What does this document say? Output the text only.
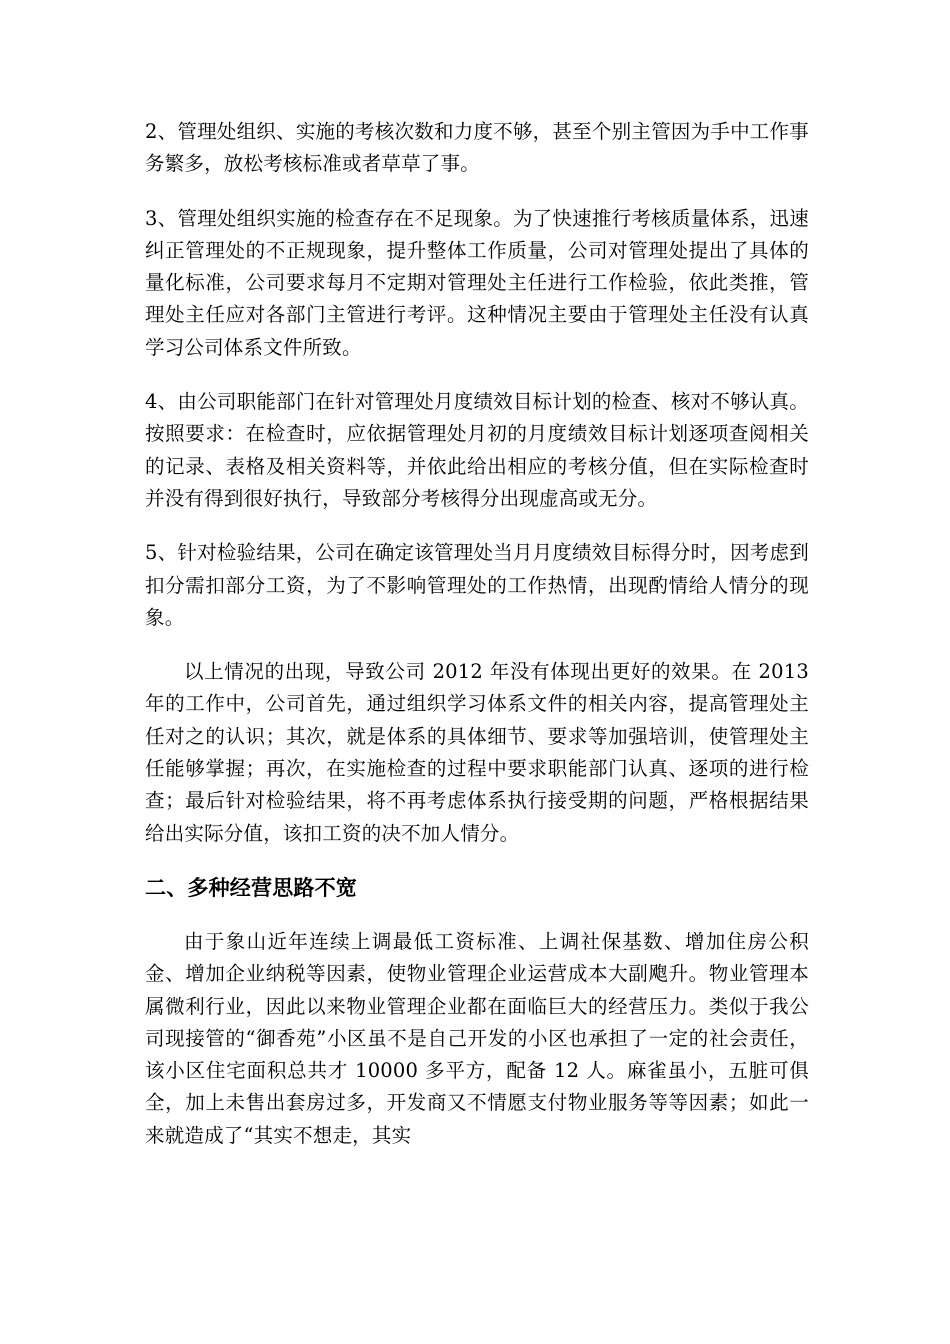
2、管理处组织、实施的考核次数和力度不够，甚至个别主管因为手中工作事务繁多，放松考核标准或者草草了事。

3、管理处组织实施的检查存在不足现象。为了快速推行考核质量体系，迅速纠正管理处的不正规现象，提升整体工作质量，公司对管理处提出了具体的量化标准，公司要求每月不定期对管理处主任进行工作检验，依此类推，管理处主任应对各部门主管进行考评。这种情况主要由于管理处主任没有认真学习公司体系文件所致。

4、由公司职能部门在针对管理处月度绩效目标计划的检查、核对不够认真。按照要求：在检查时，应依据管理处月初的月度绩效目标计划逐项查阅相关的记录、表格及相关资料等，并依此给出相应的考核分值，但在实际检查时并没有得到很好执行，导致部分考核得分出现虚高或无分。

5、针对检验结果，公司在确定该管理处当月月度绩效目标得分时，因考虑到扣分需扣部分工资，为了不影响管理处的工作热情，出现酌情给人情分的现象。

以上情况的出现，导致公司 2012 年没有体现出更好的效果。在 2013 年的工作中，公司首先，通过组织学习体系文件的相关内容，提高管理处主任对之的认识；其次，就是体系的具体细节、要求等加强培训，使管理处主任能够掌握；再次，在实施检查的过程中要求职能部门认真、逐项的进行检查；最后针对检验结果，将不再考虑体系执行接受期的问题，严格根据结果给出实际分值，该扣工资的决不加人情分。

二、多种经营思路不宽

由于象山近年连续上调最低工资标准、上调社保基数、增加住房公积金、增加企业纳税等因素，使物业管理企业运营成本大副飑升。物业管理本属微利行业，因此以来物业管理企业都在面临巨大的经营压力。类似于我公司现接管的“御香苑”小区虽不是自己开发的小区也承担了一定的社会责任，该小区住宅面积总共才 10000 多平方，配备 12 人。麻雀虽小，五脏可俱全，加上未售出套房过多，开发商又不情愿支付物业服务等等因素；如此一来就造成了“其实不想走，其实
